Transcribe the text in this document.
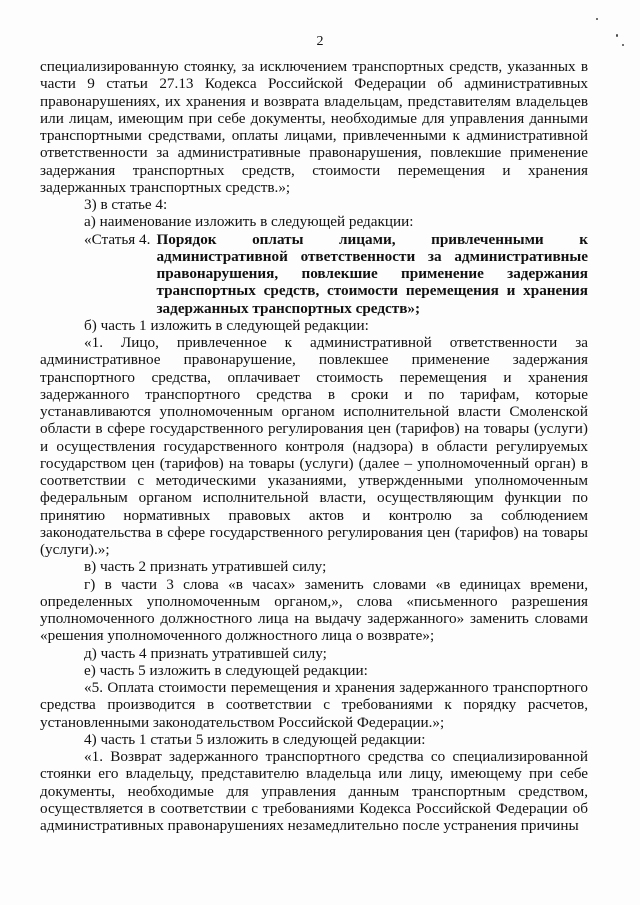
2

специализированную стоянку, за исключением транспортных средств, указанных в части 9 статьи 27.13 Кодекса Российской Федерации об административных правонарушениях, их хранения и возврата владельцам, представителям владельцев или лицам, имеющим при себе документы, необходимые для управления данными транспортными средствами, оплаты лицами, привлеченными к административной ответственности за административные правонарушения, повлекшие применение задержания транспортных средств, стоимости перемещения и хранения задержанных транспортных средств.»;

3) в статье 4:

а) наименование изложить в следующей редакции:

«Статья 4. Порядок оплаты лицами, привлеченными к административной ответственности за административные правонарушения, повлекшие применение задержания транспортных средств, стоимости перемещения и хранения задержанных транспортных средств»;

б) часть 1 изложить в следующей редакции:

«1. Лицо, привлеченное к административной ответственности за административное правонарушение, повлекшее применение задержания транспортного средства, оплачивает стоимость перемещения и хранения задержанного транспортного средства в сроки и по тарифам, которые устанавливаются уполномоченным органом исполнительной власти Смоленской области в сфере государственного регулирования цен (тарифов) на товары (услуги) и осуществления государственного контроля (надзора) в области регулируемых государством цен (тарифов) на товары (услуги) (далее – уполномоченный орган) в соответствии с методическими указаниями, утвержденными уполномоченным федеральным органом исполнительной власти, осуществляющим функции по принятию нормативных правовых актов и контролю за соблюдением законодательства в сфере государственного регулирования цен (тарифов) на товары (услуги).»;

в) часть 2 признать утратившей силу;

г) в части 3 слова «в часах» заменить словами «в единицах времени, определенных уполномоченным органом,», слова «письменного разрешения уполномоченного должностного лица на выдачу задержанного» заменить словами «решения уполномоченного должностного лица о возврате»;

д) часть 4 признать утратившей силу;

е) часть 5 изложить в следующей редакции:

«5. Оплата стоимости перемещения и хранения задержанного транспортного средства производится в соответствии с требованиями к порядку расчетов, установленными законодательством Российской Федерации.»;

4) часть 1 статьи 5 изложить в следующей редакции:

«1. Возврат задержанного транспортного средства со специализированной стоянки его владельцу, представителю владельца или лицу, имеющему при себе документы, необходимые для управления данным транспортным средством, осуществляется в соответствии с требованиями Кодекса Российской Федерации об административных правонарушениях незамедлительно после устранения причины
